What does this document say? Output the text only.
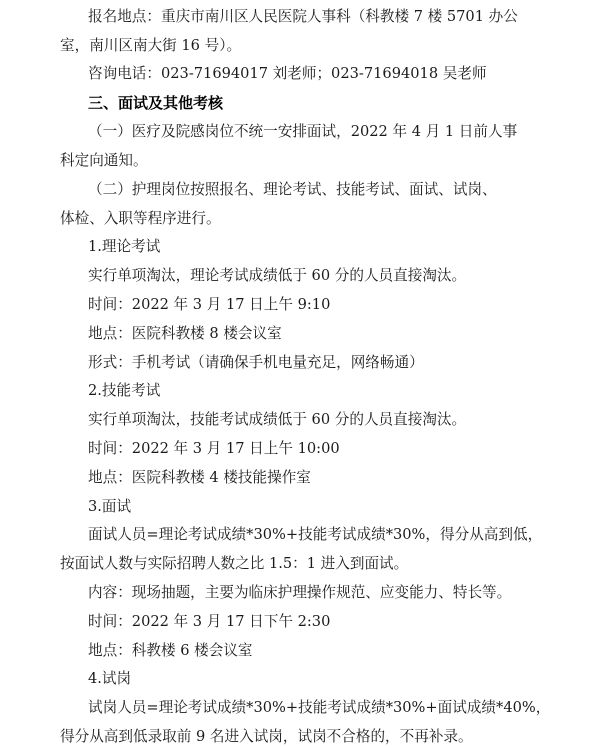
报名地点：重庆市南川区人民医院人事科（科教楼 7 楼 5701 办公
室，南川区南大街 16 号）。
咨询电话：023-71694017 刘老师；023-71694018 吴老师
三、面试及其他考核
（一）医疗及院感岗位不统一安排面试，2022 年 4 月 1 日前人事
科定向通知。
（二）护理岗位按照报名、理论考试、技能考试、面试、试岗、
体检、入职等程序进行。
1.理论考试
实行单项淘汰，理论考试成绩低于 60 分的人员直接淘汰。
时间：2022 年 3 月 17 日上午 9:10
地点：医院科教楼 8 楼会议室
形式：手机考试（请确保手机电量充足，网络畅通）
2.技能考试
实行单项淘汰，技能考试成绩低于 60 分的人员直接淘汰。
时间：2022 年 3 月 17 日上午 10:00
地点：医院科教楼 4 楼技能操作室
3.面试
面试人员=理论考试成绩*30%+技能考试成绩*30%，得分从高到低，
按面试人数与实际招聘人数之比 1.5：1 进入到面试。
内容：现场抽题，主要为临床护理操作规范、应变能力、特长等。
时间：2022 年 3 月 17 日下午 2:30
地点：科教楼 6 楼会议室
4.试岗
试岗人员=理论考试成绩*30%+技能考试成绩*30%+面试成绩*40%，
得分从高到低录取前 9 名进入试岗，试岗不合格的，不再补录。
